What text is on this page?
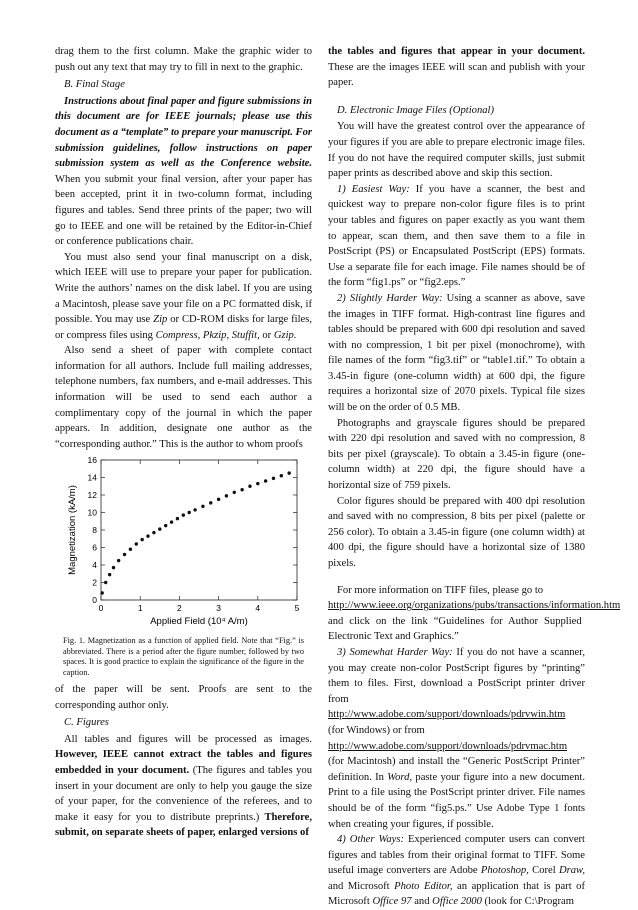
drag them to the first column. Make the graphic wider to push out any text that may try to fill in next to the graphic.

B. Final Stage

Instructions about final paper and figure submissions in this document are for IEEE journals; please use this document as a “template” to prepare your manuscript. For submission guidelines, follow instructions on paper submission system as well as the Conference website. When you submit your final version, after your paper has been accepted, print it in two-column format, including figures and tables. Send three prints of the paper; two will go to IEEE and one will be retained by the Editor-in-Chief or conference publications chair.

You must also send your final manuscript on a disk, which IEEE will use to prepare your paper for publication. Write the authors’ names on the disk label. If you are using a Macintosh, please save your file on a PC formatted disk, if possible. You may use Zip or CD-ROM disks for large files, or compress files using Compress, Pkzip, Stuffit, or Gzip.

Also send a sheet of paper with complete contact information for all authors. Include full mailing addresses, telephone numbers, fax numbers, and e-mail addresses. This information will be used to send each author a complimentary copy of the journal in which the paper appears. In addition, designate one author as the “corresponding author.” This is the author to whom proofs

0	1	2	3	4	5
0
2
4
6
8
10
12
14
16
Applied Field (10⁴ A/m)
Magnetization (kA/m)

Fig. 1. Magnetization as a function of applied field. Note that “Fig.” is abbreviated. There is a period after the figure number, followed by two spaces. It is good practice to explain the significance of the figure in the caption.

of the paper will be sent. Proofs are sent to the corresponding author only.

C. Figures

All tables and figures will be processed as images. However, IEEE cannot extract the tables and figures embedded in your document. (The figures and tables you insert in your document are only to help you gauge the size of your paper, for the convenience of the referees, and to make it easy for you to distribute preprints.) Therefore, submit, on separate sheets of paper, enlarged versions of

the tables and figures that appear in your document. These are the images IEEE will scan and publish with your paper.

D. Electronic Image Files (Optional)

You will have the greatest control over the appearance of your figures if you are able to prepare electronic image files. If you do not have the required computer skills, just submit paper prints as described above and skip this section.

1) Easiest Way: If you have a scanner, the best and quickest way to prepare non-color figure files is to print your tables and figures on paper exactly as you want them to appear, scan them, and then save them to a file in PostScript (PS) or Encapsulated PostScript (EPS) formats. Use a separate file for each image. File names should be of the form “fig1.ps” or “fig2.eps.”

2) Slightly Harder Way: Using a scanner as above, save the images in TIFF format. High-contrast line figures and tables should be prepared with 600 dpi resolution and saved with no compression, 1 bit per pixel (monochrome), with file names of the form “fig3.tif” or “table1.tif.” To obtain a 3.45-in figure (one-column width) at 600 dpi, the figure requires a horizontal size of 2070 pixels. Typical file sizes will be on the order of 0.5 MB.

Photographs and grayscale figures should be prepared with 220 dpi resolution and saved with no compression, 8 bits per pixel (grayscale). To obtain a 3.45-in figure (one-column width) at 220 dpi, the figure should have a horizontal size of 759 pixels.

Color figures should be prepared with 400 dpi resolution and saved with no compression, 8 bits per pixel (palette or 256 color). To obtain a 3.45-in figure (one column width) at 400 dpi, the figure should have a horizontal size of 1380 pixels.

For more information on TIFF files, please go to

http://www.ieee.org/organizations/pubs/transactions/information.htm and click on the link “Guidelines for Author Supplied Electronic Text and Graphics.”

3) Somewhat Harder Way: If you do not have a scanner, you may create non-color PostScript figures by “printing” them to files. First, download a PostScript printer driver from

http://www.adobe.com/support/downloads/pdrvwin.htm

(for Windows) or from

http://www.adobe.com/support/downloads/pdrvmac.htm

(for Macintosh) and install the “Generic PostScript Printer” definition. In Word, paste your figure into a new document. Print to a file using the PostScript printer driver. File names should be of the form “fig5.ps.” Use Adobe Type 1 fonts when creating your figures, if possible.

4) Other Ways: Experienced computer users can convert figures and tables from their original format to TIFF. Some useful image converters are Adobe Photoshop, Corel Draw, and Microsoft Photo Editor, an application that is part of Microsoft Office 97 and Office 2000 (look for C:\Program
